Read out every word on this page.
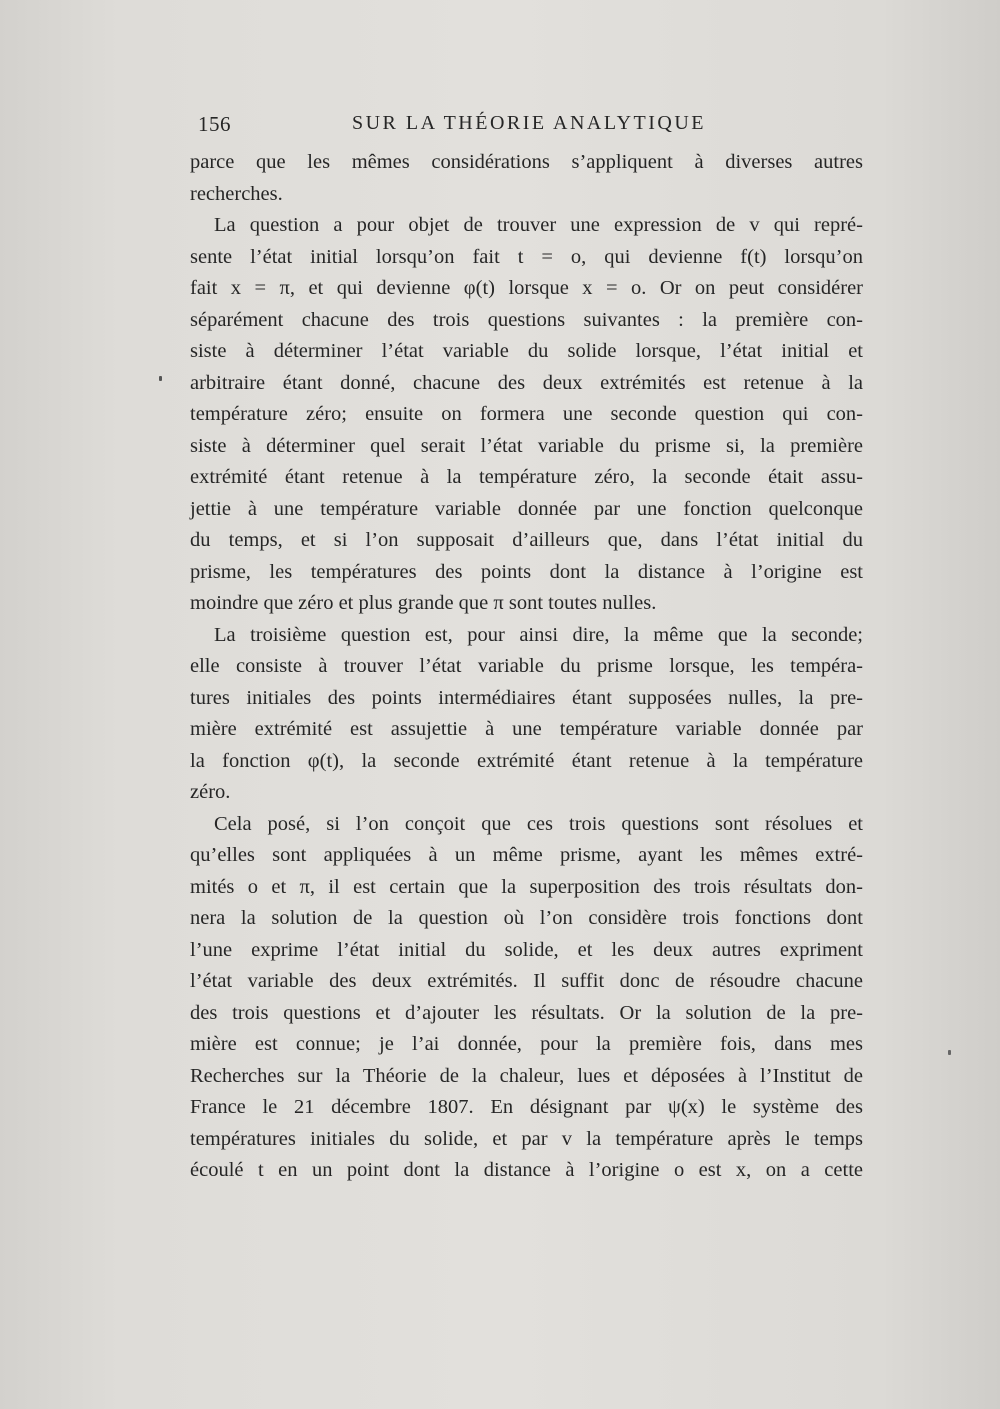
156	SUR LA THÉORIE ANALYTIQUE
parce que les mêmes considérations s’appliquent à diverses autres
recherches.
La question a pour objet de trouver une expression de v qui repré-
sente l’état initial lorsqu’on fait t = o, qui devienne f(t) lorsqu’on
fait x = π, et qui devienne φ(t) lorsque x = o. Or on peut considérer
séparément chacune des trois questions suivantes : la première con-
siste à déterminer l’état variable du solide lorsque, l’état initial et
arbitraire étant donné, chacune des deux extrémités est retenue à la
température zéro; ensuite on formera une seconde question qui con-
siste à déterminer quel serait l’état variable du prisme si, la première
extrémité étant retenue à la température zéro, la seconde était assu-
jettie à une température variable donnée par une fonction quelconque
du temps, et si l’on supposait d’ailleurs que, dans l’état initial du
prisme, les températures des points dont la distance à l’origine est
moindre que zéro et plus grande que π sont toutes nulles.
La troisième question est, pour ainsi dire, la même que la seconde;
elle consiste à trouver l’état variable du prisme lorsque, les tempéra-
tures initiales des points intermédiaires étant supposées nulles, la pre-
mière extrémité est assujettie à une température variable donnée par
la fonction φ(t), la seconde extrémité étant retenue à la température
zéro.
Cela posé, si l’on conçoit que ces trois questions sont résolues et
qu’elles sont appliquées à un même prisme, ayant les mêmes extré-
mités o et π, il est certain que la superposition des trois résultats don-
nera la solution de la question où l’on considère trois fonctions dont
l’une exprime l’état initial du solide, et les deux autres expriment
l’état variable des deux extrémités. Il suffit donc de résoudre chacune
des trois questions et d’ajouter les résultats. Or la solution de la pre-
mière est connue; je l’ai donnée, pour la première fois, dans mes
Recherches sur la Théorie de la chaleur, lues et déposées à l’Institut de
France le 21 décembre 1807. En désignant par ψ(x) le système des
températures initiales du solide, et par v la température après le temps
écoulé t en un point dont la distance à l’origine o est x, on a cette
